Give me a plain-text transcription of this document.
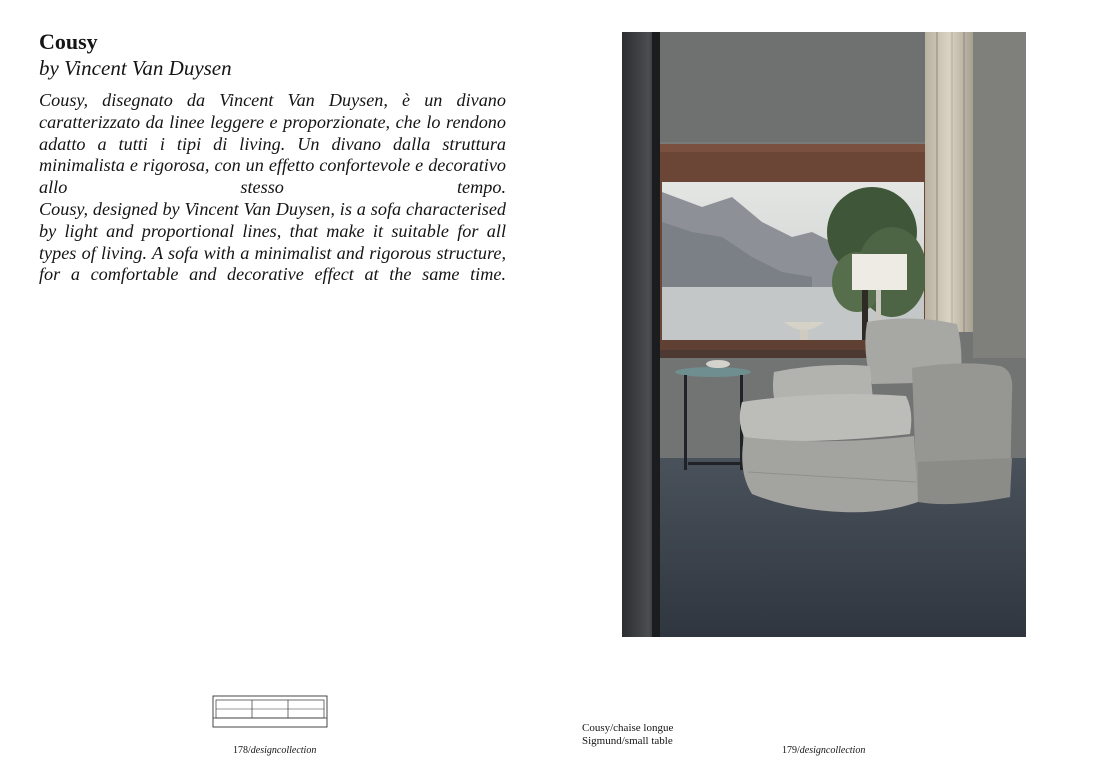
Cousy
by Vincent Van Duysen

Cousy, disegnato da Vincent Van Duysen, è un divano caratterizzato da linee leggere e proporzionate, che lo rendono adatto a tutti i tipi di living. Un divano dalla struttura minimalista e rigorosa, con un effetto confortevole e decorativo allo stesso tempo.

Cousy, designed by Vincent Van Duysen, is a sofa characterised by light and proportional lines, that make it suitable for all types of living. A sofa with a minimalist and rigorous structure, for a comfortable and decorative effect at the same time.

178/designcollection
Cousy/chaise longue
Sigmund/small table
179/designcollection
